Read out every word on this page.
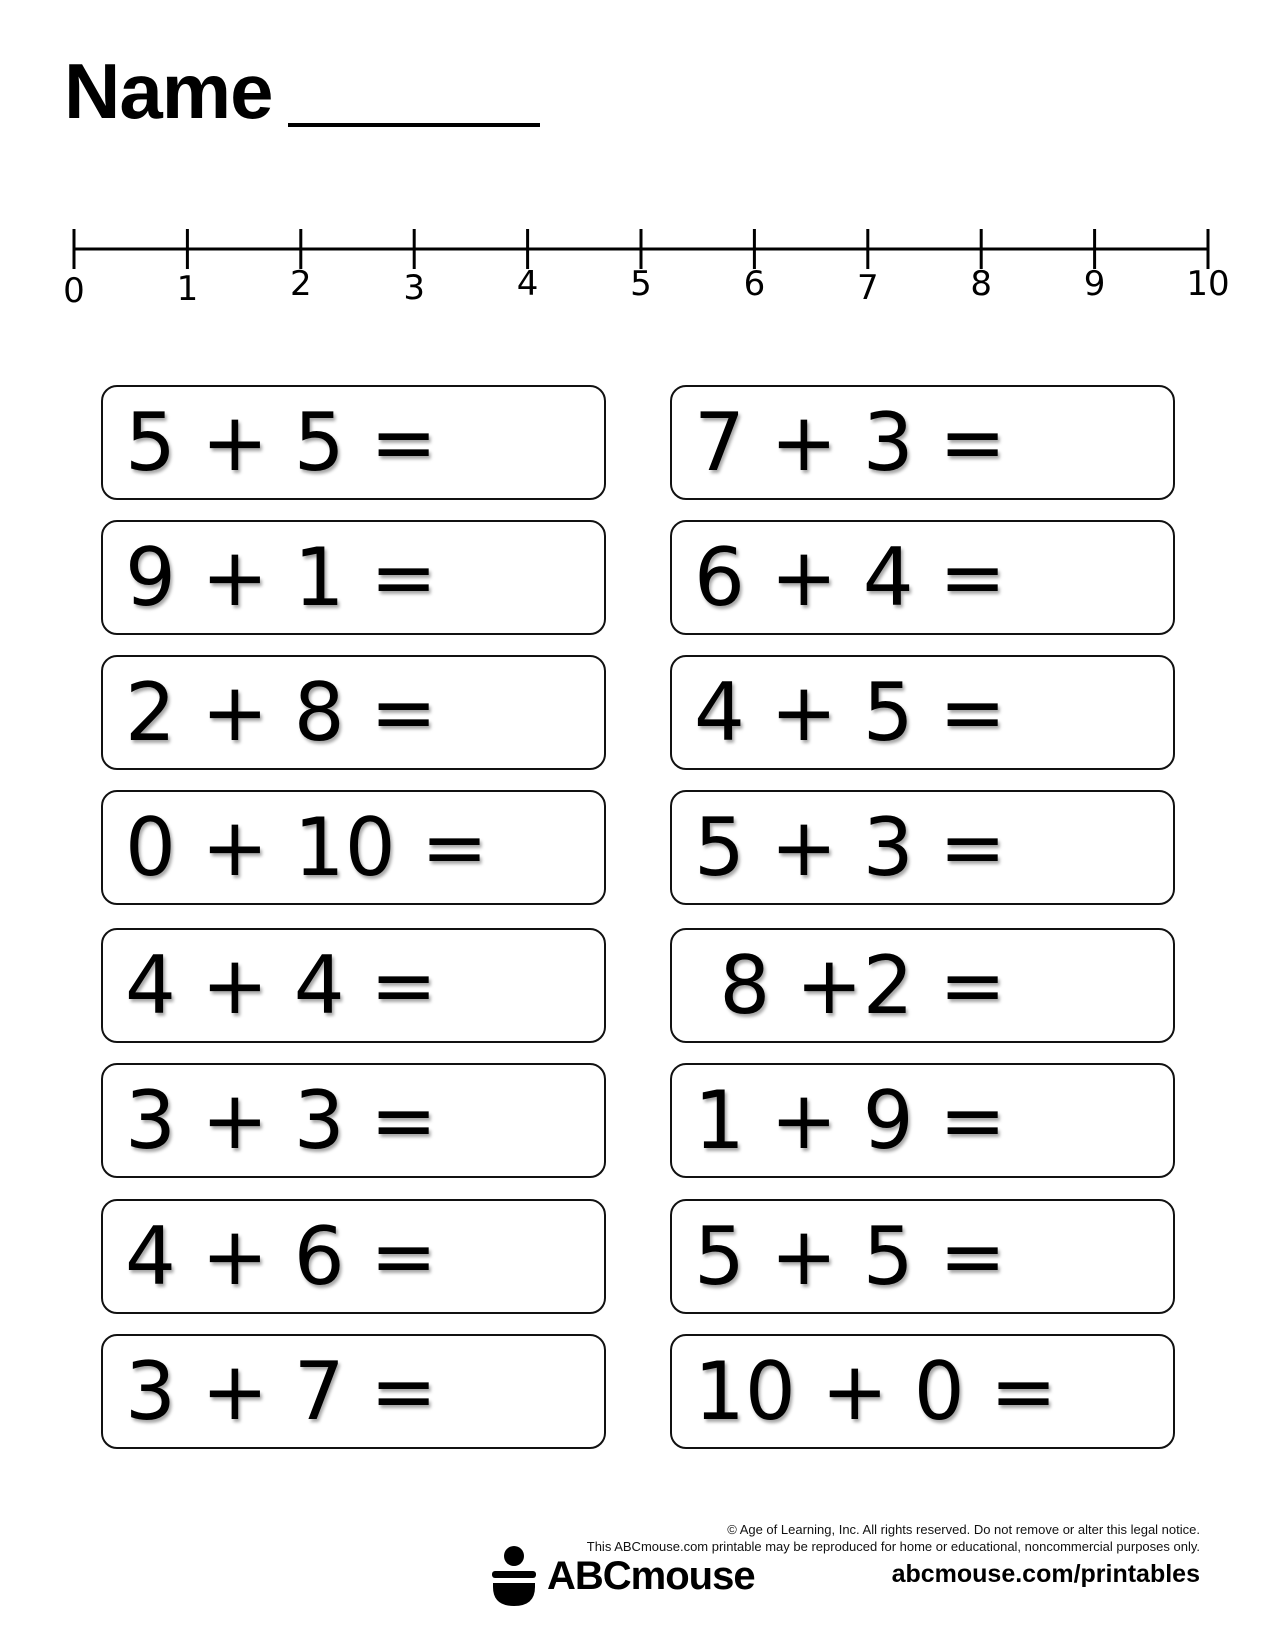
Name
0	1	2	3	4	5	6	7	8	9 10
5 + 5 =
9 + 1 =
2 + 8 =
0 + 10 =
4 + 4 =
3 + 3 =
4 + 6 =
3 + 7 =
7 + 3 =
6 + 4 =
4 + 5 =
5 + 3 =
8 +2 =
1 + 9 =
5 + 5 =
10 + 0 =
© Age of Learning, Inc. All rights reserved. Do not remove or alter this legal notice.
This ABCmouse.com printable may be reproduced for home or educational, noncommercial purposes only.
ABCmouse	abcmouse.com/printables
